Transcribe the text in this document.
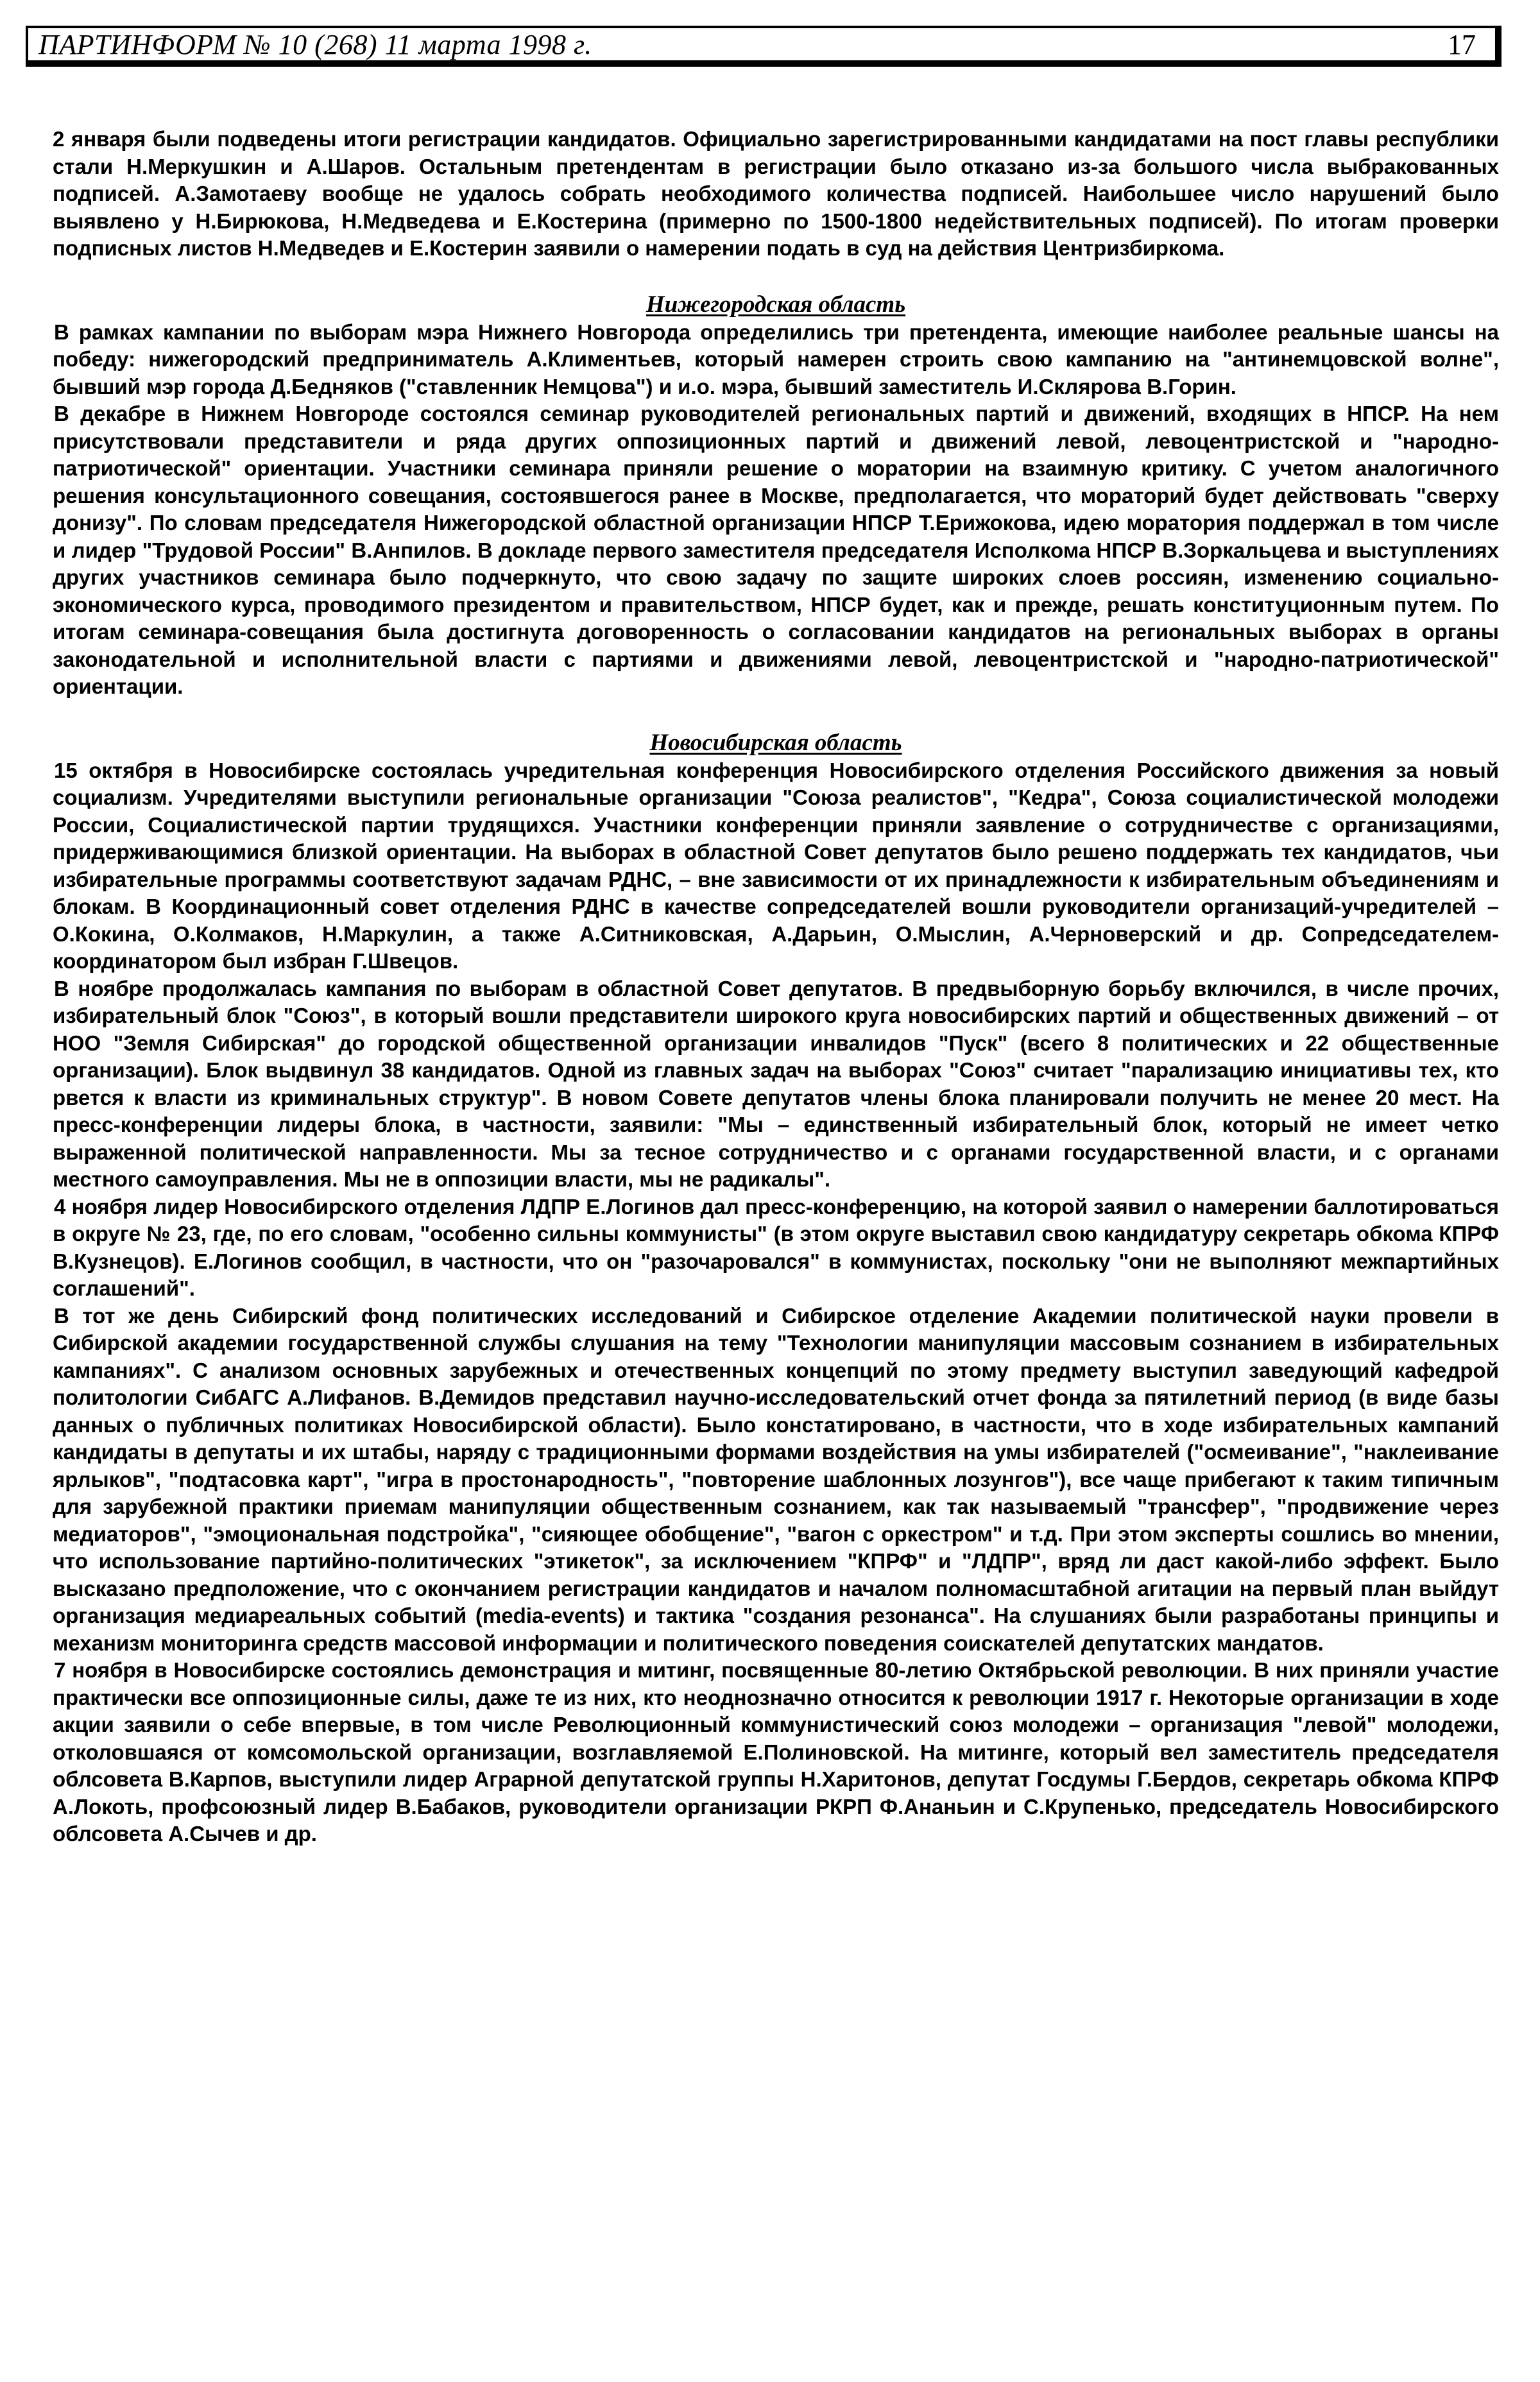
ПАРТИНФОРМ № 10 (268) 11 марта 1998 г.	17

2 января были подведены итоги регистрации кандидатов. Официально зарегистрированными кандидатами на пост главы республики стали Н.Меркушкин и А.Шаров. Остальным претендентам в регистрации было отказано из-за большого числа выбракованных подписей. А.Замотаеву вообще не удалось собрать необходимого количества подписей. Наибольшее число нарушений было выявлено у Н.Бирюкова, Н.Медведева и Е.Костерина (примерно по 1500-1800 недействительных подписей). По итогам проверки подписных листов Н.Медведев и Е.Костерин заявили о намерении подать в суд на действия Центризбиркома.

Нижегородская область

В рамках кампании по выборам мэра Нижнего Новгорода определились три претендента, имеющие наиболее реальные шансы на победу: нижегородский предприниматель А.Климентьев, который намерен строить свою кампанию на "антинемцовской волне", бывший мэр города Д.Бедняков ("ставленник Немцова") и и.о. мэра, бывший заместитель И.Склярова В.Горин.

В декабре в Нижнем Новгороде состоялся семинар руководителей региональных партий и движений, входящих в НПСР. На нем присутствовали представители и ряда других оппозиционных партий и движений левой, левоцентристской и "народно-патриотической" ориентации. Участники семинара приняли решение о моратории на взаимную критику. С учетом аналогичного решения консультационного совещания, состоявшегося ранее в Москве, предполагается, что мораторий будет действовать "сверху донизу". По словам председателя Нижегородской областной организации НПСР Т.Ерижокова, идею моратория поддержал в том числе и лидер "Трудовой России" В.Анпилов. В докладе первого заместителя председателя Исполкома НПСР В.Зоркальцева и выступлениях других участников семинара было подчеркнуто, что свою задачу по защите широких слоев россиян, изменению социально-экономического курса, проводимого президентом и правительством, НПСР будет, как и прежде, решать конституционным путем. По итогам семинара-совещания была достигнута договоренность о согласовании кандидатов на региональных выборах в органы законодательной и исполнительной власти с партиями и движениями левой, левоцентристской и "народно-патриотической" ориентации.

Новосибирская область

15 октября в Новосибирске состоялась учредительная конференция Новосибирского отделения Российского движения за новый социализм. Учредителями выступили региональные организации "Союза реалистов", "Кедра", Союза социалистической молодежи России, Социалистической партии трудящихся. Участники конференции приняли заявление о сотрудничестве с организациями, придерживающимися близкой ориентации. На выборах в областной Совет депутатов было решено поддержать тех кандидатов, чьи избирательные программы соответствуют задачам РДНС, – вне зависимости от их принадлежности к избирательным объединениям и блокам. В Координационный совет отделения РДНС в качестве сопредседателей вошли руководители организаций-учредителей – О.Кокина, О.Колмаков, Н.Маркулин, а также А.Ситниковская, А.Дарьин, О.Мыслин, А.Черноверский и др. Сопредседателем-координатором был избран Г.Швецов.

В ноябре продолжалась кампания по выборам в областной Совет депутатов. В предвыборную борьбу включился, в числе прочих, избирательный блок "Союз", в который вошли представители широкого круга новосибирских партий и общественных движений – от НОО "Земля Сибирская" до городской общественной организации инвалидов "Пуск" (всего 8 политических и 22 общественные организации). Блок выдвинул 38 кандидатов. Одной из главных задач на выборах "Союз" считает "парализацию инициативы тех, кто рвется к власти из криминальных структур". В новом Совете депутатов члены блока планировали получить не менее 20 мест. На пресс-конференции лидеры блока, в частности, заявили: "Мы – единственный избирательный блок, который не имеет четко выраженной политической направленности. Мы за тесное сотрудничество и с органами государственной власти, и с органами местного самоуправления. Мы не в оппозиции власти, мы не радикалы".

4 ноября лидер Новосибирского отделения ЛДПР Е.Логинов дал пресс-конференцию, на которой заявил о намерении баллотироваться в округе № 23, где, по его словам, "особенно сильны коммунисты" (в этом округе выставил свою кандидатуру секретарь обкома КПРФ В.Кузнецов). Е.Логинов сообщил, в частности, что он "разочаровался" в коммунистах, поскольку "они не выполняют межпартийных соглашений".

В тот же день Сибирский фонд политических исследований и Сибирское отделение Академии политической науки провели в Сибирской академии государственной службы слушания на тему "Технологии манипуляции массовым сознанием в избирательных кампаниях". С анализом основных зарубежных и отечественных концепций по этому предмету выступил заведующий кафедрой политологии СибАГС А.Лифанов. В.Демидов представил научно-исследовательский отчет фонда за пятилетний период (в виде базы данных о публичных политиках Новосибирской области). Было констатировано, в частности, что в ходе избирательных кампаний кандидаты в депутаты и их штабы, наряду с традиционными формами воздействия на умы избирателей ("осмеивание", "наклеивание ярлыков", "подтасовка карт", "игра в простонародность", "повторение шаблонных лозунгов"), все чаще прибегают к таким типичным для зарубежной практики приемам манипуляции общественным сознанием, как так называемый "трансфер", "продвижение через медиаторов", "эмоциональная подстройка", "сияющее обобщение", "вагон с оркестром" и т.д. При этом эксперты сошлись во мнении, что использование партийно-политических "этикеток", за исключением "КПРФ" и "ЛДПР", вряд ли даст какой-либо эффект. Было высказано предположение, что с окончанием регистрации кандидатов и началом полномасштабной агитации на первый план выйдут организация медиареальных событий (media-events) и тактика "создания резонанса". На слушаниях были разработаны принципы и механизм мониторинга средств массовой информации и политического поведения соискателей депутатских мандатов.

7 ноября в Новосибирске состоялись демонстрация и митинг, посвященные 80-летию Октябрьской революции. В них приняли участие практически все оппозиционные силы, даже те из них, кто неоднозначно относится к революции 1917 г. Некоторые организации в ходе акции заявили о себе впервые, в том числе Революционный коммунистический союз молодежи – организация "левой" молодежи, отколовшаяся от комсомольской организации, возглавляемой Е.Полиновской. На митинге, который вел заместитель председателя облсовета В.Карпов, выступили лидер Аграрной депутатской группы Н.Харитонов, депутат Госдумы Г.Бердов, секретарь обкома КПРФ А.Локоть, профсоюзный лидер В.Бабаков, руководители организации РКРП Ф.Ананьин и С.Крупенько, председатель Новосибирского облсовета А.Сычев и др.
